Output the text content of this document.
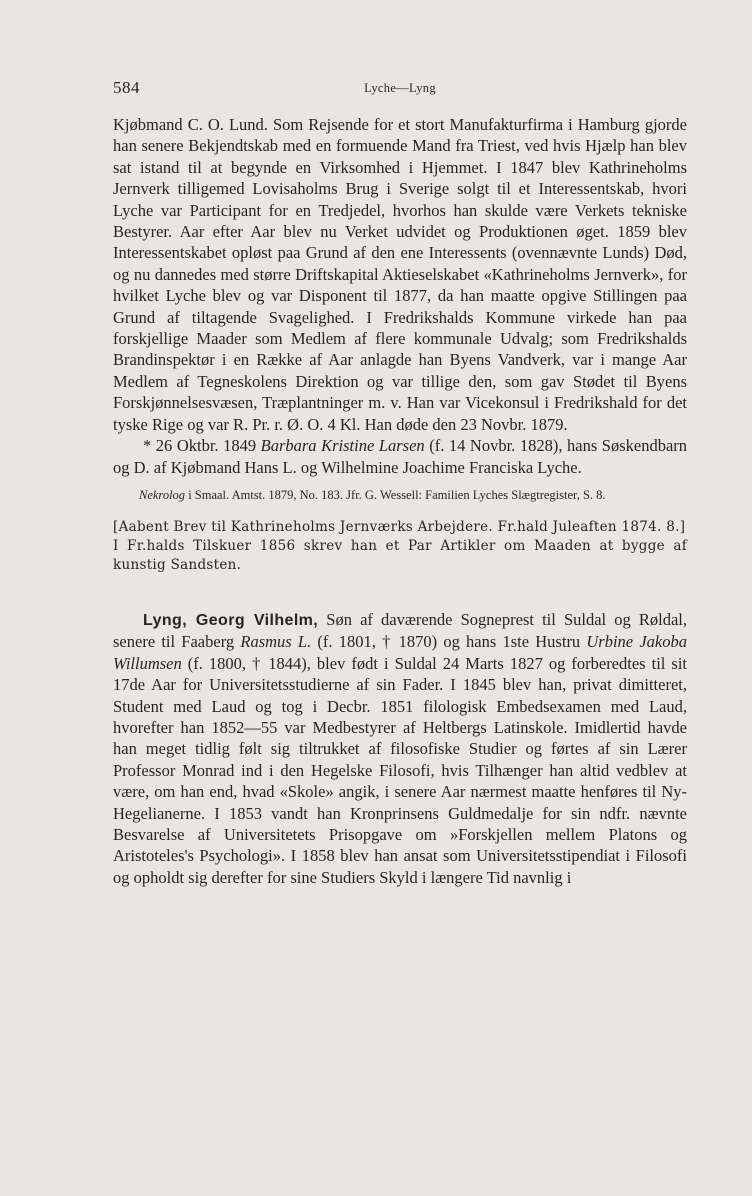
584	Lyche—Lyng

Kjøbmand C. O. Lund. Som Rejsende for et stort Manufakturfirma i Hamburg gjorde han senere Bekjendtskab med en formuende Mand fra Triest, ved hvis Hjælp han blev sat istand til at begynde en Virksomhed i Hjemmet. I 1847 blev Kathrineholms Jernverk tilligemed Lovisaholms Brug i Sverige solgt til et Interessentskab, hvori Lyche var Participant for en Tredjedel, hvorhos han skulde være Verkets tekniske Bestyrer. Aar efter Aar blev nu Verket udvidet og Produktionen øget. 1859 blev Interessentskabet opløst paa Grund af den ene Interessents (ovennævnte Lunds) Død, og nu dannedes med større Driftskapital Aktieselskabet «Kathrineholms Jernverk», for hvilket Lyche blev og var Disponent til 1877, da han maatte opgive Stillingen paa Grund af tiltagende Svagelighed. I Fredrikshalds Kommune virkede han paa forskjellige Maader som Medlem af flere kommunale Udvalg; som Fredrikshalds Brandinspektør i en Række af Aar anlagde han Byens Vandverk, var i mange Aar Medlem af Tegneskolens Direktion og var tillige den, som gav Stødet til Byens Forskjønnelsesvæsen, Træplantninger m. v. Han var Vicekonsul i Fredrikshald for det tyske Rige og var R. Pr. r. Ø. O. 4 Kl. Han døde den 23 Novbr. 1879.

* 26 Oktbr. 1849 Barbara Kristine Larsen (f. 14 Novbr. 1828), hans Søskendbarn og D. af Kjøbmand Hans L. og Wilhelmine Joachime Franciska Lyche.

Nekrolog i Smaal. Amtst. 1879, No. 183. Jfr. G. Wessell: Familien Lyches Slægtregister, S. 8.

[Aabent Brev til Kathrineholms Jernværks Arbejdere. Fr.hald Juleaften 1874. 8.]

I Fr.halds Tilskuer 1856 skrev han et Par Artikler om Maaden at bygge af kunstig Sandsten.

Lyng, Georg Vilhelm, Søn af daværende Sogneprest til Suldal og Røldal, senere til Faaberg Rasmus L. (f. 1801, † 1870) og hans 1ste Hustru Urbine Jakoba Willumsen (f. 1800, † 1844), blev født i Suldal 24 Marts 1827 og forberedtes til sit 17de Aar for Universitetsstudierne af sin Fader. I 1845 blev han, privat dimitteret, Student med Laud og tog i Decbr. 1851 filologisk Embedsexamen med Laud, hvorefter han 1852—55 var Medbestyrer af Heltbergs Latinskole. Imidlertid havde han meget tidlig følt sig tiltrukket af filosofiske Studier og førtes af sin Lærer Professor Monrad ind i den Hegelske Filosofi, hvis Tilhænger han altid vedblev at være, om han end, hvad «Skole» angik, i senere Aar nærmest maatte henføres til Ny-Hegelianerne. I 1853 vandt han Kronprinsens Guldmedalje for sin ndfr. nævnte Besvarelse af Universitetets Prisopgave om »Forskjellen mellem Platons og Aristoteles's Psychologi». I 1858 blev han ansat som Universitetsstipendiat i Filosofi og opholdt sig derefter for sine Studiers Skyld i længere Tid navnlig i
